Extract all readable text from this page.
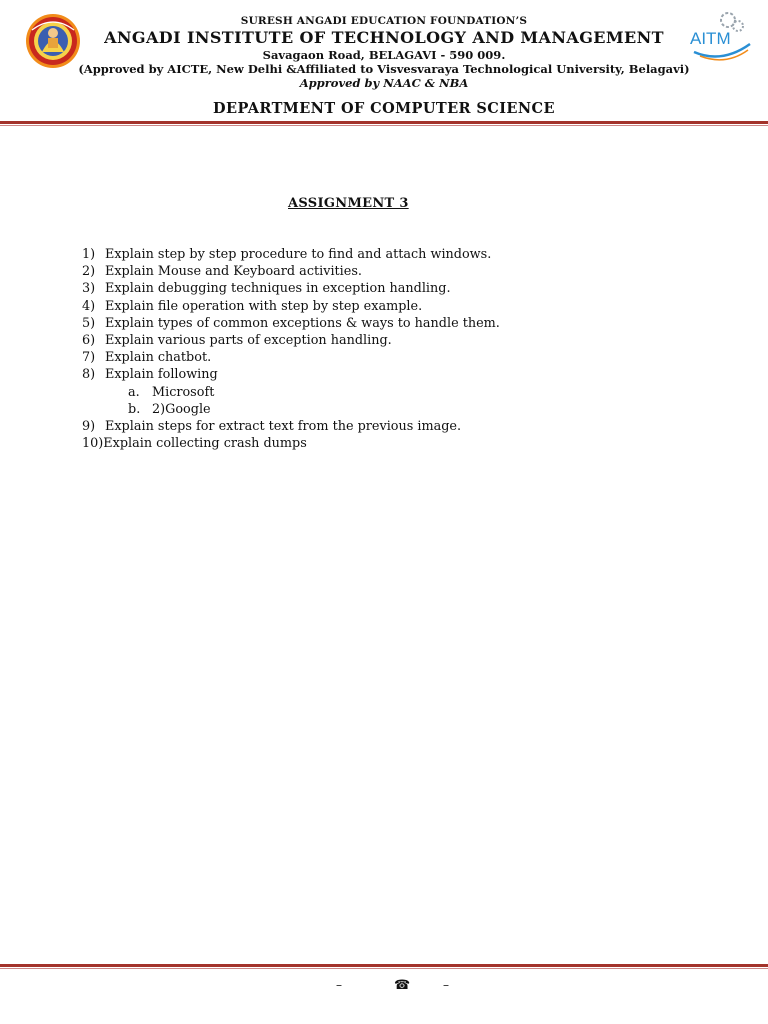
AITM
SURESH ANGADI EDUCATION FOUNDATION’S
ANGADI INSTITUTE OF TECHNOLOGY AND MANAGEMENT
Savagaon Road, BELAGAVI - 590 009.
(Approved by AICTE, New Delhi &Affiliated to Visvesvaraya Technological University, Belagavi)
Approved by NAAC & NBA
DEPARTMENT OF COMPUTER SCIENCE
ASSIGNMENT 3
1) Explain step by step procedure to find and attach windows.
2) Explain Mouse and Keyboard activities.
3) Explain debugging techniques in exception handling.
4) Explain file operation with step by step example.
5) Explain types of common exceptions & ways to handle them.
6) Explain various parts of exception handling.
7) Explain chatbot.
8) Explain following
a. Microsoft
b. 2)Google
9) Explain steps for extract text from the previous image.
10)Explain collecting crash dumps
–	☎	–
